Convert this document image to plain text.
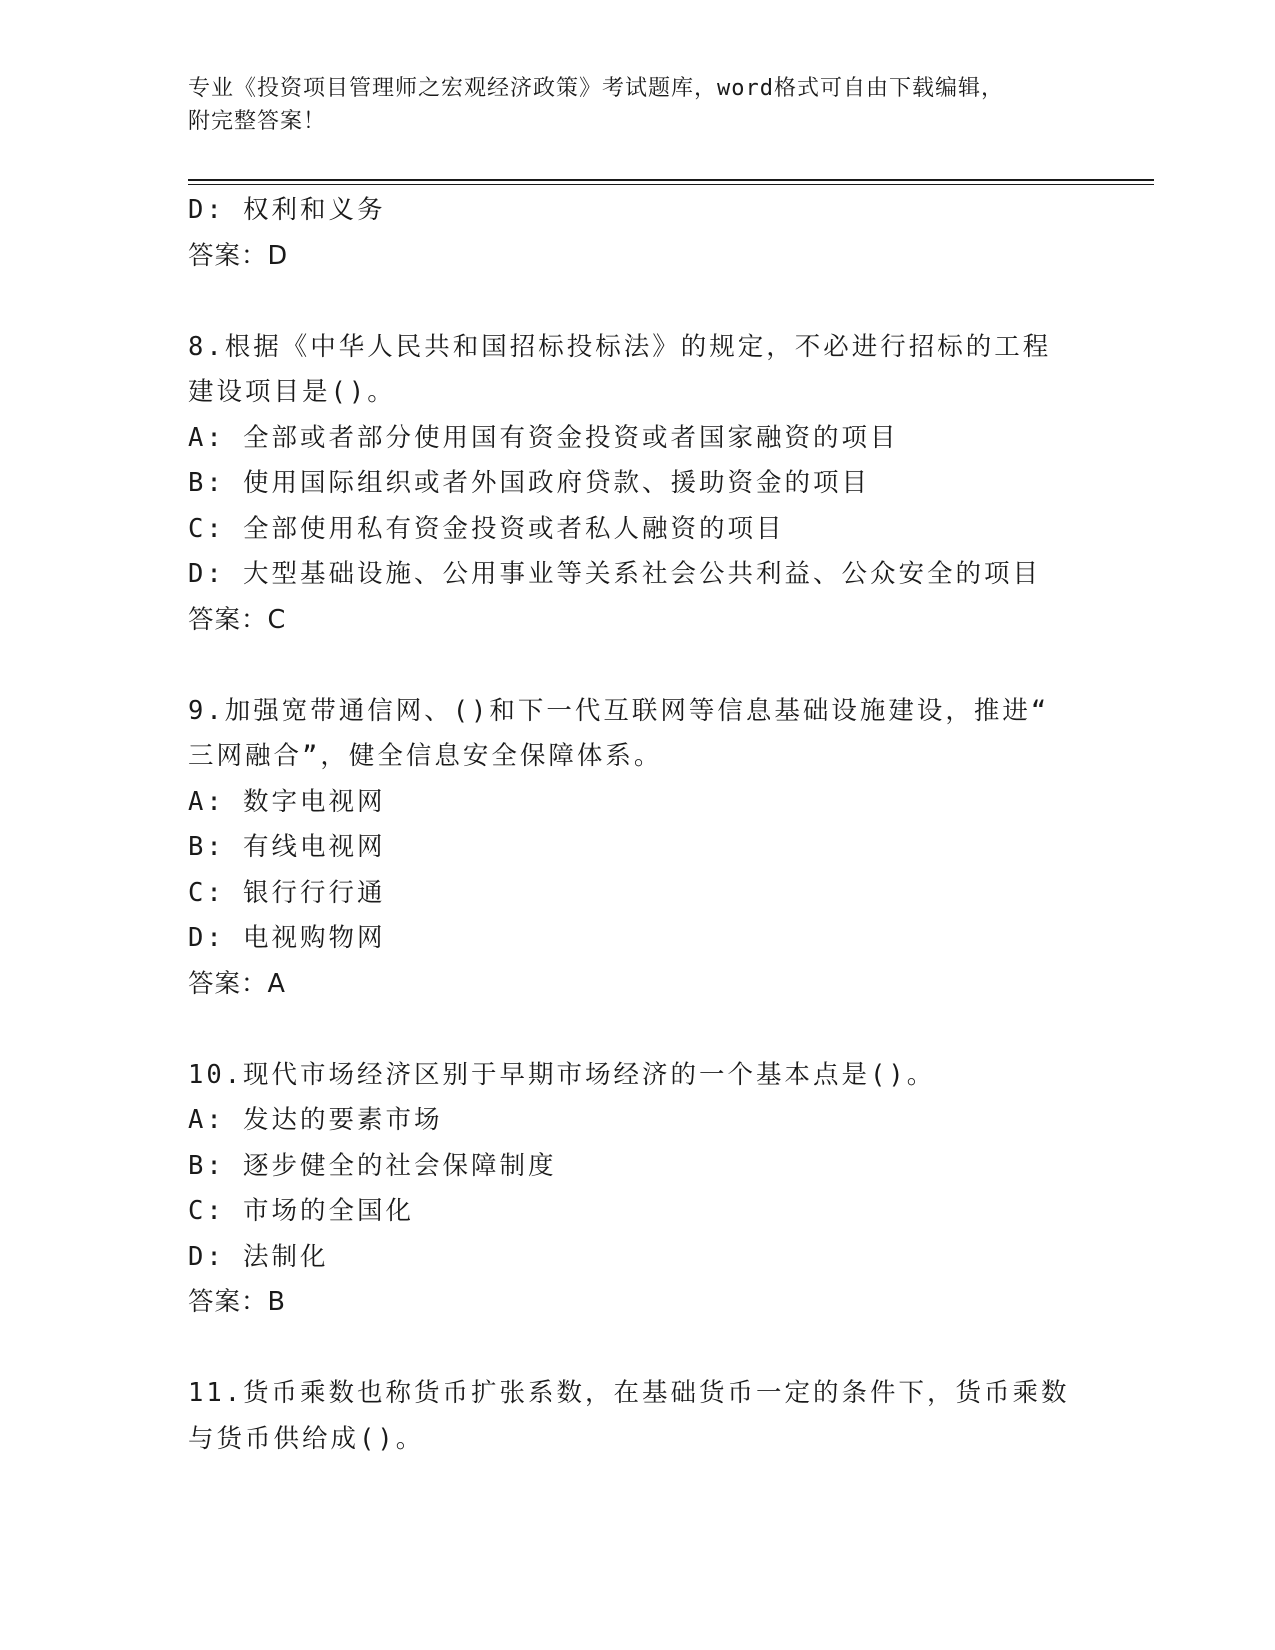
专业《投资项目管理师之宏观经济政策》考试题库，word格式可自由下载编辑，
附完整答案！
D: 权利和义务
答案：D
8.根据《中华人民共和国招标投标法》的规定，不必进行招标的工程
建设项目是()。
A: 全部或者部分使用国有资金投资或者国家融资的项目
B: 使用国际组织或者外国政府贷款、援助资金的项目
C: 全部使用私有资金投资或者私人融资的项目
D: 大型基础设施、公用事业等关系社会公共利益、公众安全的项目
答案：C
9.加强宽带通信网、()和下一代互联网等信息基础设施建设，推进“
三网融合”，健全信息安全保障体系。
A: 数字电视网
B: 有线电视网
C: 银行行行通
D: 电视购物网
答案：A
10.现代市场经济区别于早期市场经济的一个基本点是()。
A: 发达的要素市场
B: 逐步健全的社会保障制度
C: 市场的全国化
D: 法制化
答案：B
11.货币乘数也称货币扩张系数，在基础货币一定的条件下，货币乘数
与货币供给成()。
